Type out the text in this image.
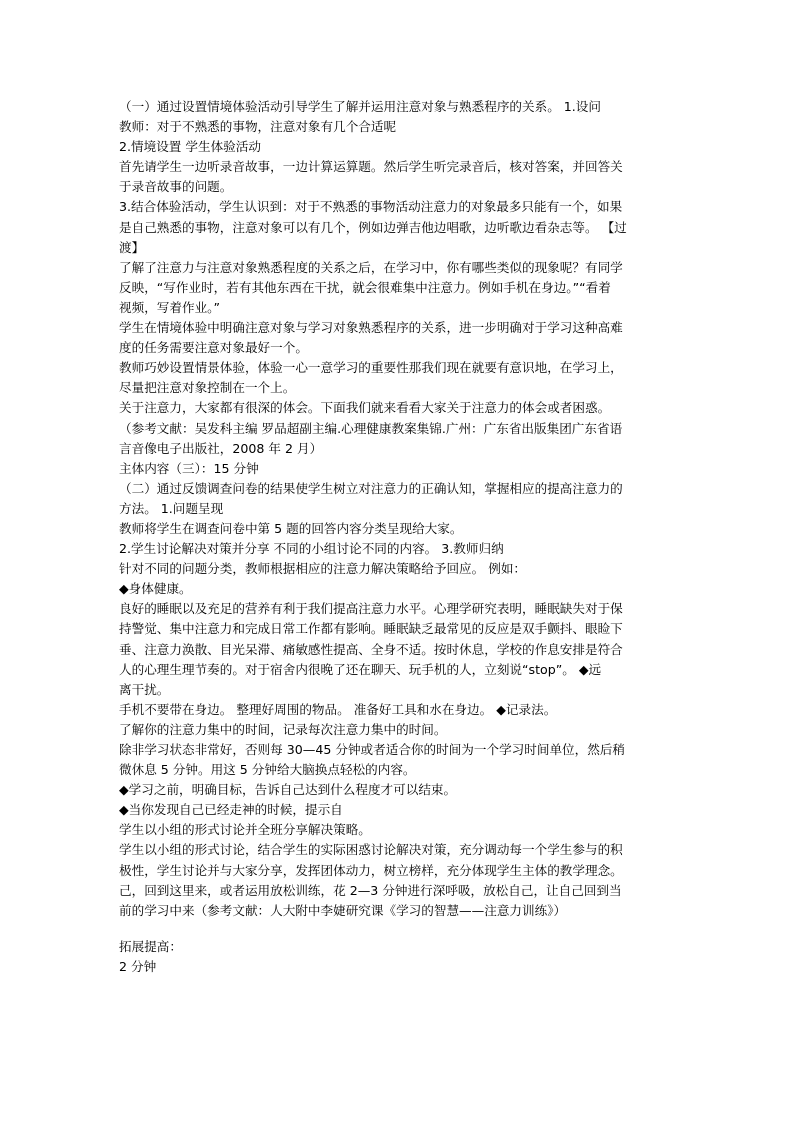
（一）通过设置情境体验活动引导学生了解并运用注意对象与熟悉程序的关系。 1.设问
教师：对于不熟悉的事物，注意对象有几个合适呢
2.情境设置 学生体验活动
首先请学生一边听录音故事，一边计算运算题。然后学生听完录音后，核对答案，并回答关
于录音故事的问题。
3.结合体验活动，学生认识到：对于不熟悉的事物活动注意力的对象最多只能有一个，如果
是自己熟悉的事物，注意对象可以有几个，例如边弹吉他边唱歌，边听歌边看杂志等。 【过
渡】
了解了注意力与注意对象熟悉程度的关系之后，在学习中，你有哪些类似的现象呢？有同学
反映，“写作业时，若有其他东西在干扰，就会很难集中注意力。例如手机在身边。”“看着
视频，写着作业。”
学生在情境体验中明确注意对象与学习对象熟悉程序的关系，进一步明确对于学习这种高难
度的任务需要注意对象最好一个。
教师巧妙设置情景体验，体验一心一意学习的重要性那我们现在就要有意识地，在学习上，
尽量把注意对象控制在一个上。
关于注意力，大家都有很深的体会。下面我们就来看看大家关于注意力的体会或者困惑。
（参考文献：吴发科主编 罗品超副主编.心理健康教案集锦.广州：广东省出版集团广东省语
言音像电子出版社，2008 年 2 月）
主体内容（三）：15 分钟
（二）通过反馈调查问卷的结果使学生树立对注意力的正确认知，掌握相应的提高注意力的
方法。 1.问题呈现
教师将学生在调查问卷中第 5 题的回答内容分类呈现给大家。
2.学生讨论解决对策并分享 不同的小组讨论不同的内容。 3.教师归纳
针对不同的问题分类，教师根据相应的注意力解决策略给予回应。 例如：
◆身体健康。
良好的睡眠以及充足的营养有利于我们提高注意力水平。心理学研究表明，睡眠缺失对于保
持警觉、集中注意力和完成日常工作都有影响。睡眠缺乏最常见的反应是双手颤抖、眼睑下
垂、注意力涣散、目光呆滞、痛敏感性提高、全身不适。按时休息，学校的作息安排是符合
人的心理生理节奏的。对于宿舍内很晚了还在聊天、玩手机的人，立刻说“stop”。 ◆远
离干扰。
手机不要带在身边。 整理好周围的物品。 准备好工具和水在身边。 ◆记录法。
了解你的注意力集中的时间，记录每次注意力集中的时间。
除非学习状态非常好，否则每 30—45 分钟或者适合你的时间为一个学习时间单位，然后稍
微休息 5 分钟。用这 5 分钟给大脑换点轻松的内容。
◆学习之前，明确目标，告诉自己达到什么程度才可以结束。
◆当你发现自己已经走神的时候，提示自
学生以小组的形式讨论并全班分享解决策略。
学生以小组的形式讨论，结合学生的实际困惑讨论解决对策，充分调动每一个学生参与的积
极性，学生讨论并与大家分享，发挥团体动力，树立榜样，充分体现学生主体的教学理念。
己，回到这里来，或者运用放松训练，花 2—3 分钟进行深呼吸，放松自己，让自己回到当
前的学习中来（参考文献：人大附中李婕研究课《学习的智慧——注意力训练》）
拓展提高：
2 分钟
